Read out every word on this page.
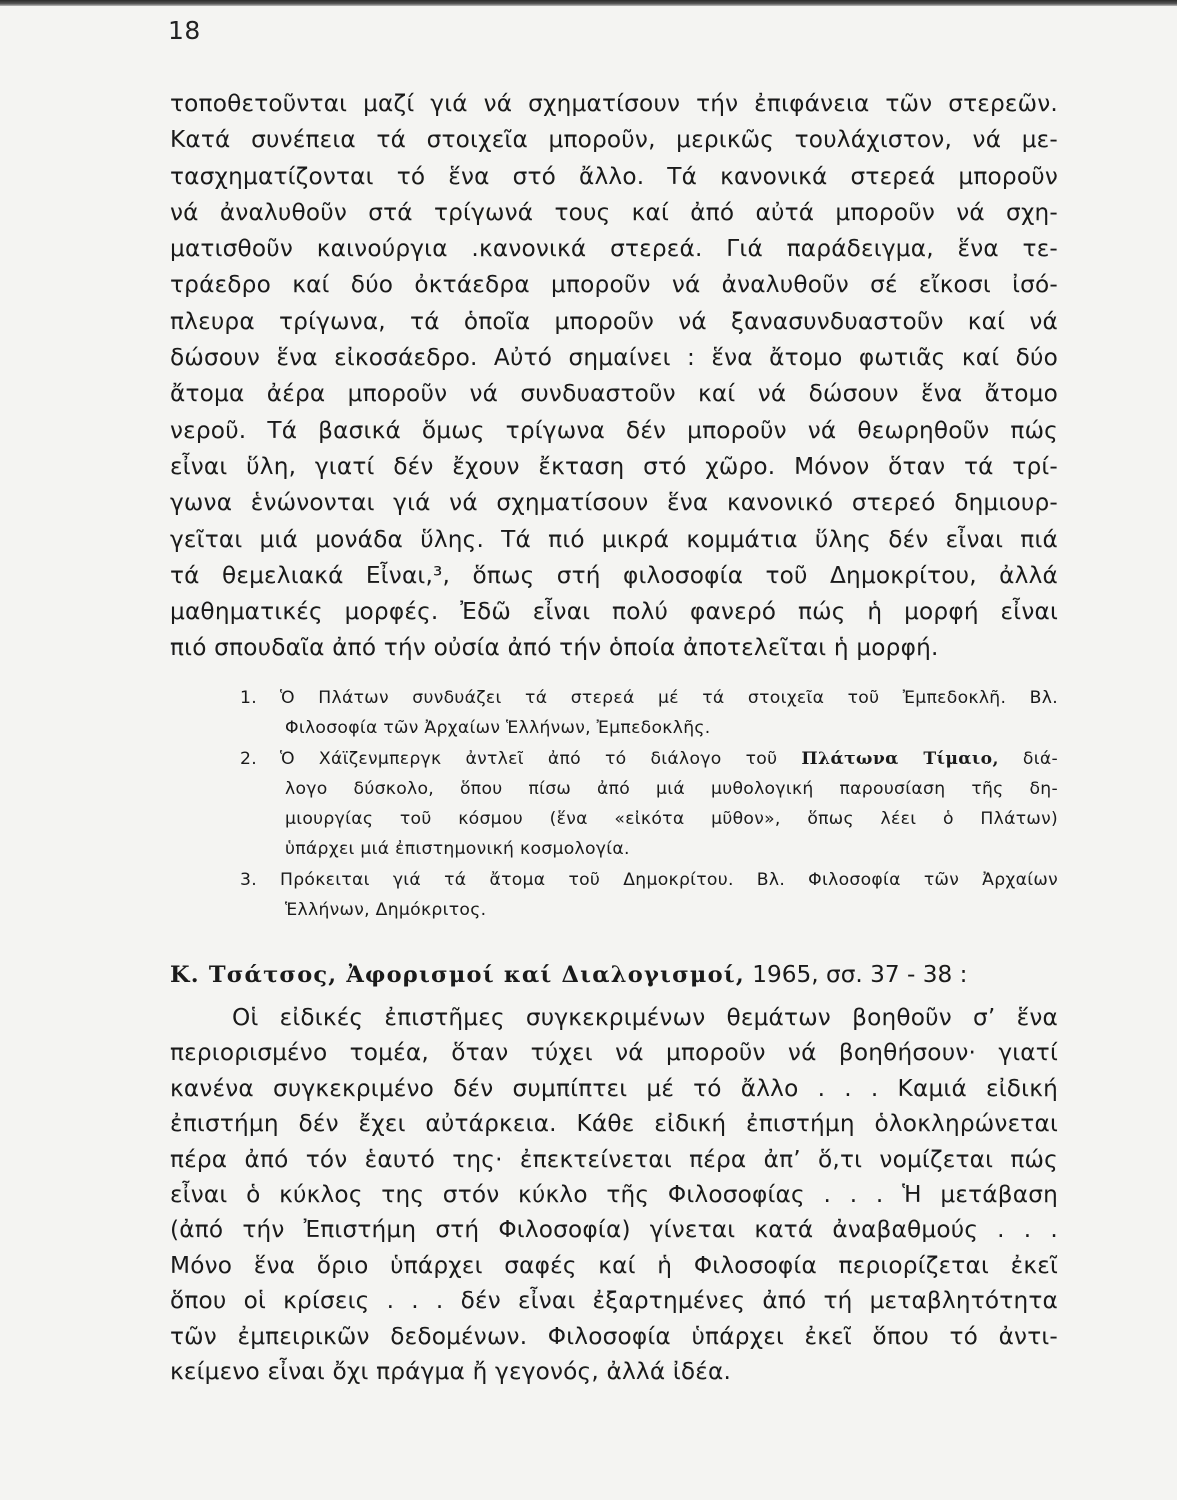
18
τοποθετοῦνται μαζί γιά νά σχηματίσουν τήν ἐπιφάνεια τῶν στερεῶν.
Κατά συνέπεια τά στοιχεῖα μποροῦν, μερικῶς τουλάχιστον, νά με-
τασχηματίζονται τό ἕνα στό ἄλλο. Τά κανονικά στερεά μποροῦν
νά ἀναλυθοῦν στά τρίγωνά τους καί ἀπό αὐτά μποροῦν νά σχη-
ματισθοῦν καινούργια .κανονικά στερεά. Γιά παράδειγμα, ἕνα τε-
τράεδρο καί δύο ὀκτάεδρα μποροῦν νά ἀναλυθοῦν σέ εἴκοσι ἰσό-
πλευρα τρίγωνα, τά ὁποῖα μποροῦν νά ξανασυνδυαστοῦν καί νά
δώσουν ἕνα εἰκοσάεδρο. Αὐτό σημαίνει : ἕνα ἄτομο φωτιᾶς καί δύο
ἄτομα ἀέρα μποροῦν νά συνδυαστοῦν καί νά δώσουν ἕνα ἄτομο
νεροῦ. Τά βασικά ὅμως τρίγωνα δέν μποροῦν νά θεωρηθοῦν πώς
εἶναι ὕλη, γιατί δέν ἔχουν ἔκταση στό χῶρο. Μόνον ὅταν τά τρί-
γωνα ἑνώνονται γιά νά σχηματίσουν ἕνα κανονικό στερεό δημιουρ-
γεῖται μιά μονάδα ὕλης. Τά πιό μικρά κομμάτια ὕλης δέν εἶναι πιά
τά θεμελιακά Εἶναι,³, ὅπως στή φιλοσοφία τοῦ Δημοκρίτου, ἀλλά
μαθηματικές μορφές. Ἐδῶ εἶναι πολύ φανερό πώς ἡ μορφή εἶναι
πιό σπουδαῖα ἀπό τήν οὐσία ἀπό τήν ὁποία ἀποτελεῖται ἡ μορφή.
1. Ὁ Πλάτων συνδυάζει τά στερεά μέ τά στοιχεῖα τοῦ Ἐμπεδοκλῆ. Βλ.
Φιλοσοφία τῶν Ἀρχαίων Ἑλλήνων, Ἐμπεδοκλῆς.
2. Ὁ Χάϊζενμπεργκ ἀντλεῖ ἀπό τό διάλογο τοῦ Πλάτωνα Τίμαιο, διά-
λογο δύσκολο, ὅπου πίσω ἀπό μιά μυθολογική παρουσίαση τῆς δη-
μιουργίας τοῦ κόσμου (ἕνα «εἰκότα μῦθον», ὅπως λέει ὁ Πλάτων)
ὑπάρχει μιά ἐπιστημονική κοσμολογία.
3. Πρόκειται γιά τά ἄτομα τοῦ Δημοκρίτου. Βλ. Φιλοσοφία τῶν Ἀρχαίων
Ἑλλήνων, Δημόκριτος.
Κ. Τσάτσος, Ἀφορισμοί καί Διαλογισμοί, 1965, σσ. 37 - 38 :
Οἱ εἰδικές ἐπιστῆμες συγκεκριμένων θεμάτων βοηθοῦν σ’ ἕνα
περιορισμένο τομέα, ὅταν τύχει νά μποροῦν νά βοηθήσουν· γιατί
κανένα συγκεκριμένο δέν συμπίπτει μέ τό ἄλλο . . . Καμιά εἰδική
ἐπιστήμη δέν ἔχει αὐτάρκεια. Κάθε εἰδική ἐπιστήμη ὁλοκληρώνεται
πέρα ἀπό τόν ἑαυτό της· ἐπεκτείνεται πέρα ἀπ’ ὅ,τι νομίζεται πώς
εἶναι ὁ κύκλος της στόν κύκλο τῆς Φιλοσοφίας . . . Ἡ μετάβαση
(ἀπό τήν Ἐπιστήμη στή Φιλοσοφία) γίνεται κατά ἀναβαθμούς . . .
Μόνο ἕνα ὅριο ὑπάρχει σαφές καί ἡ Φιλοσοφία περιορίζεται ἐκεῖ
ὅπου οἱ κρίσεις . . . δέν εἶναι ἐξαρτημένες ἀπό τή μεταβλητότητα
τῶν ἐμπειρικῶν δεδομένων. Φιλοσοφία ὑπάρχει ἐκεῖ ὅπου τό ἀντι-
κείμενο εἶναι ὄχι πράγμα ἤ γεγονός, ἀλλά ἰδέα.
